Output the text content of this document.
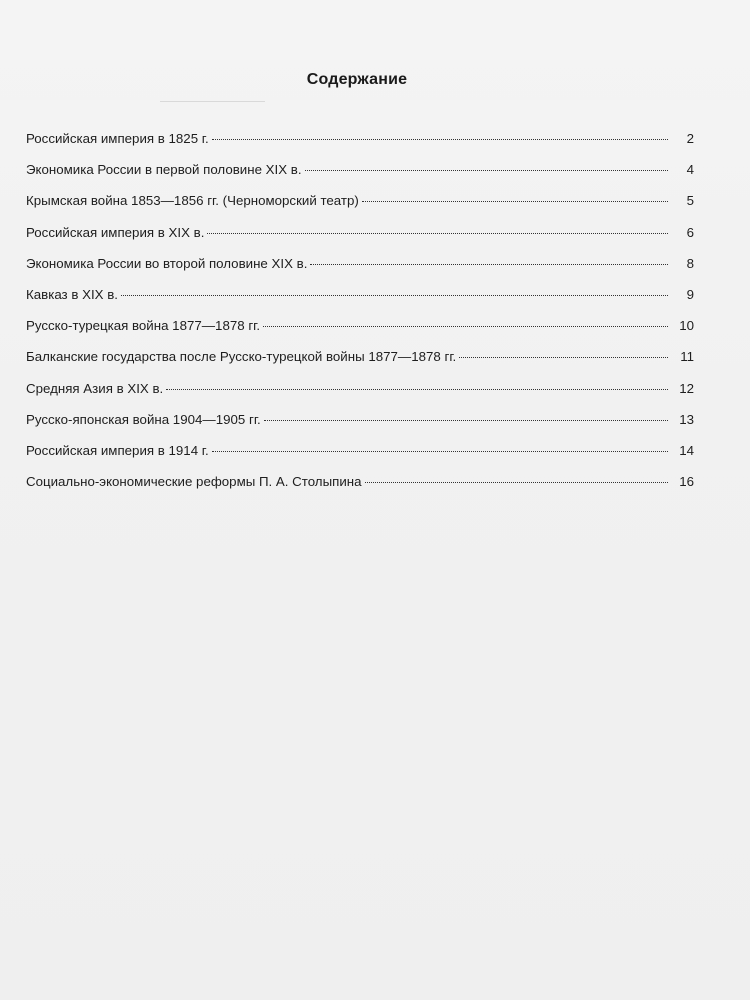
Содержание
Российская империя в 1825 г.	2
Экономика России в первой половине XIX в.	4
Крымская война 1853—1856 гг. (Черноморский театр)	5
Российская империя в XIX в.	6
Экономика России во второй половине XIX в.	8
Кавказ в XIX в.	9
Русско-турецкая война 1877—1878 гг.	10
Балканские государства после Русско-турецкой войны 1877—1878 гг.	11
Средняя Азия в XIX в.	12
Русско-японская война 1904—1905 гг.	13
Российская империя в 1914 г.	14
Социально-экономические реформы П. А. Столыпина	16
